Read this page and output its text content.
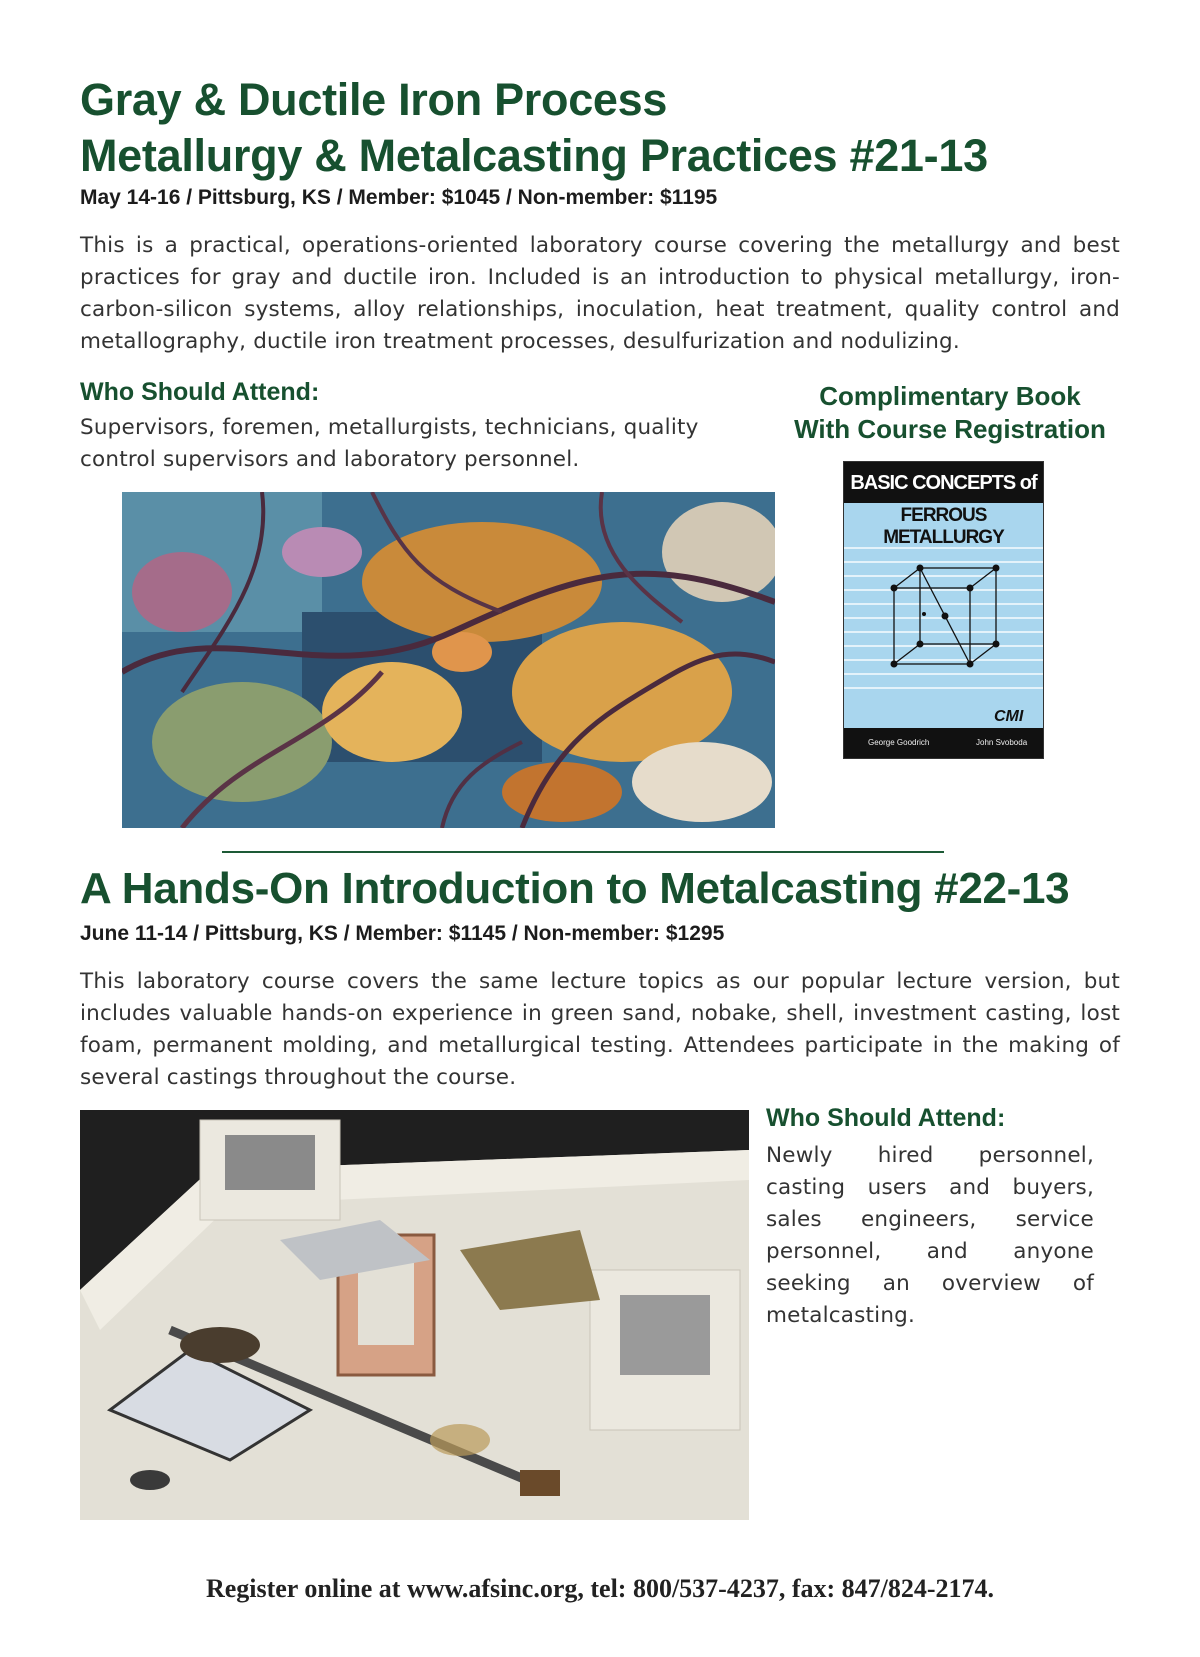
Gray & Ductile Iron Process
Metallurgy & Metalcasting Practices #21-13
May 14-16 / Pittsburg, KS / Member: $1045 / Non-member: $1195
This is a practical, operations-oriented laboratory course covering the metallurgy and best practices for gray and ductile iron. Included is an introduction to physical metallurgy, iron-carbon-silicon systems, alloy relationships, inoculation, heat treatment, quality control and metallography, ductile iron treatment processes, desulfurization and nodulizing.
Who Should Attend:
Supervisors, foremen, metallurgists, technicians, quality control supervisors and laboratory personnel.
Complimentary Book
With Course Registration
BASIC CONCEPTS of
FERROUS METALLURGY
CMI
George Goodrich	John Svoboda
A Hands-On Introduction to Metalcasting #22-13
June 11-14 / Pittsburg, KS / Member: $1145 / Non-member: $1295
This laboratory course covers the same lecture topics as our popular lecture version, but includes valuable hands-on experience in green sand, nobake, shell, investment casting, lost foam, permanent molding, and metallurgical testing. Attendees participate in the making of several castings throughout the course.
Who Should Attend:
Newly hired personnel, casting users and buyers, sales engineers, service personnel, and anyone seeking an overview of metalcasting.
Register online at www.afsinc.org, tel: 800/537-4237, fax: 847/824-2174.
